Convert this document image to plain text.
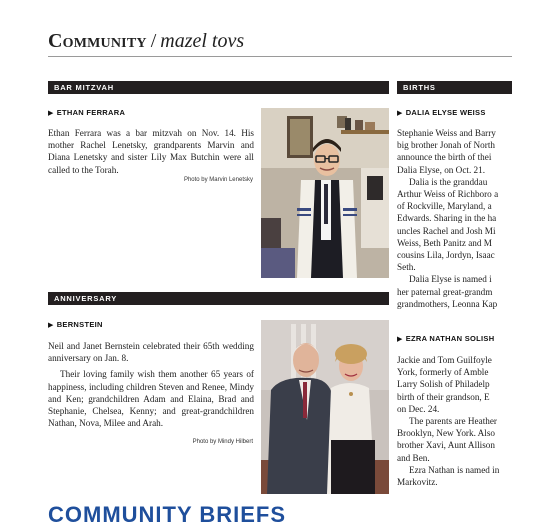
Community / mazel tovs
BAR MITZVAH
▶ ETHAN FERRARA

Ethan Ferrara was a bar mitzvah on Nov. 14. His mother Rachel Lenetsky, grandparents Marvin and Diana Lenetsky and sister Lily Max Butchin were all called to the Torah.

Photo by Marvin Lenetsky
ANNIVERSARY
▶ BERNSTEIN

Neil and Janet Bernstein celebrated their 65th wedding anniversary on Jan. 8.

Their loving family wish them another 65 years of happiness, including children Steven and Renee, Mindy and Ken; grandchildren Adam and Elaina, Brad and Stephanie, Chelsea, Kenny; and great-grandchildren Nathan, Nova, Milee and Arah.

Photo by Mindy Hilbert
BIRTHS
▶ DALIA ELYSE WEISS
Stephanie Weiss and Barry
big brother Jonah of North
announce the birth of thei
Dalia Elyse, on Oct. 21.
Dalia is the granddau
Arthur Weiss of Richboro a
of Rockville, Maryland, a
Edwards. Sharing in the ha
uncles Rachel and Josh Mi
Weiss, Beth Panitz and M
cousins Lila, Jordyn, Isaac
Seth.
Dalia Elyse is named i
her paternal great-grandm
grandmothers, Leonna Kap
▶ EZRA NATHAN SOLISH
Jackie and Tom Guilfoyle
York, formerly of Amble
Larry Solish of Philadelp
birth of their grandson, E
on Dec. 24.
The parents are Heather
Brooklyn, New York. Also
brother Xavi, Aunt Allison
and Ben.
Ezra Nathan is named in
Markovitz.
COMMUNITY BRIEFS
